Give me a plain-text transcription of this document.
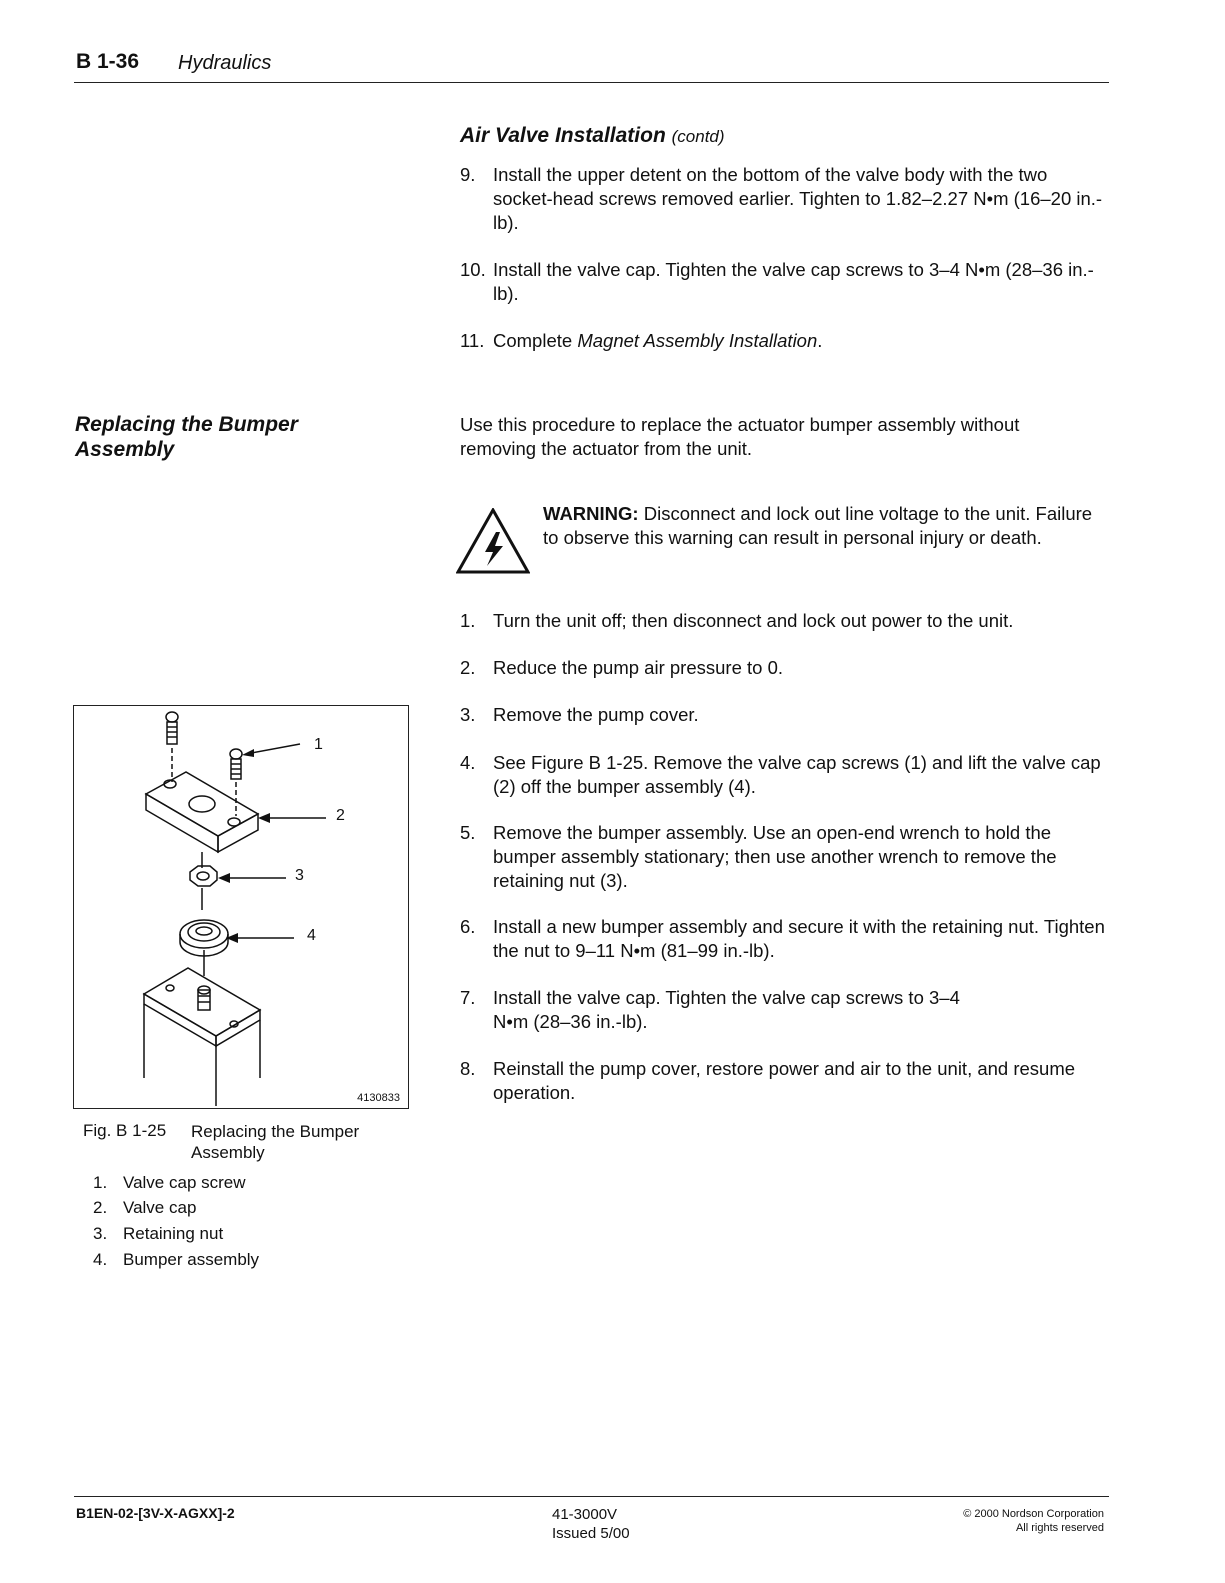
B 1-36 Hydraulics
Air Valve Installation (contd)
9. Install the upper detent on the bottom of the valve body with the two socket-head screws removed earlier. Tighten to 1.82–2.27 N•m (16–20 in.-lb).
10. Install the valve cap. Tighten the valve cap screws to 3–4 N•m (28–36 in.-lb).
11. Complete Magnet Assembly Installation.
Replacing the Bumper
Assembly
Use this procedure to replace the actuator bumper assembly without removing the actuator from the unit.
WARNING: Disconnect and lock out line voltage to the unit. Failure to observe this warning can result in personal injury or death.
1. Turn the unit off; then disconnect and lock out power to the unit.
2. Reduce the pump air pressure to 0.
3. Remove the pump cover.
4. See Figure B 1-25. Remove the valve cap screws (1) and lift the valve cap (2) off the bumper assembly (4).
5. Remove the bumper assembly. Use an open-end wrench to hold the bumper assembly stationary; then use another wrench to remove the retaining nut (3).
6. Install a new bumper assembly and secure it with the retaining nut. Tighten the nut to 9–11 N•m (81–99 in.-lb).
7. Install the valve cap. Tighten the valve cap screws to 3–4 N•m (28–36 in.-lb).
8. Reinstall the pump cover, restore power and air to the unit, and resume operation.
1
2
3
4
4130833
Fig. B 1-25 Replacing the Bumper Assembly
1. Valve cap screw
2. Valve cap
3. Retaining nut
4. Bumper assembly
B1EN-02-[3V-X-AGXX]-2	41-3000V
Issued 5/00
© 2000 Nordson Corporation
All rights reserved
